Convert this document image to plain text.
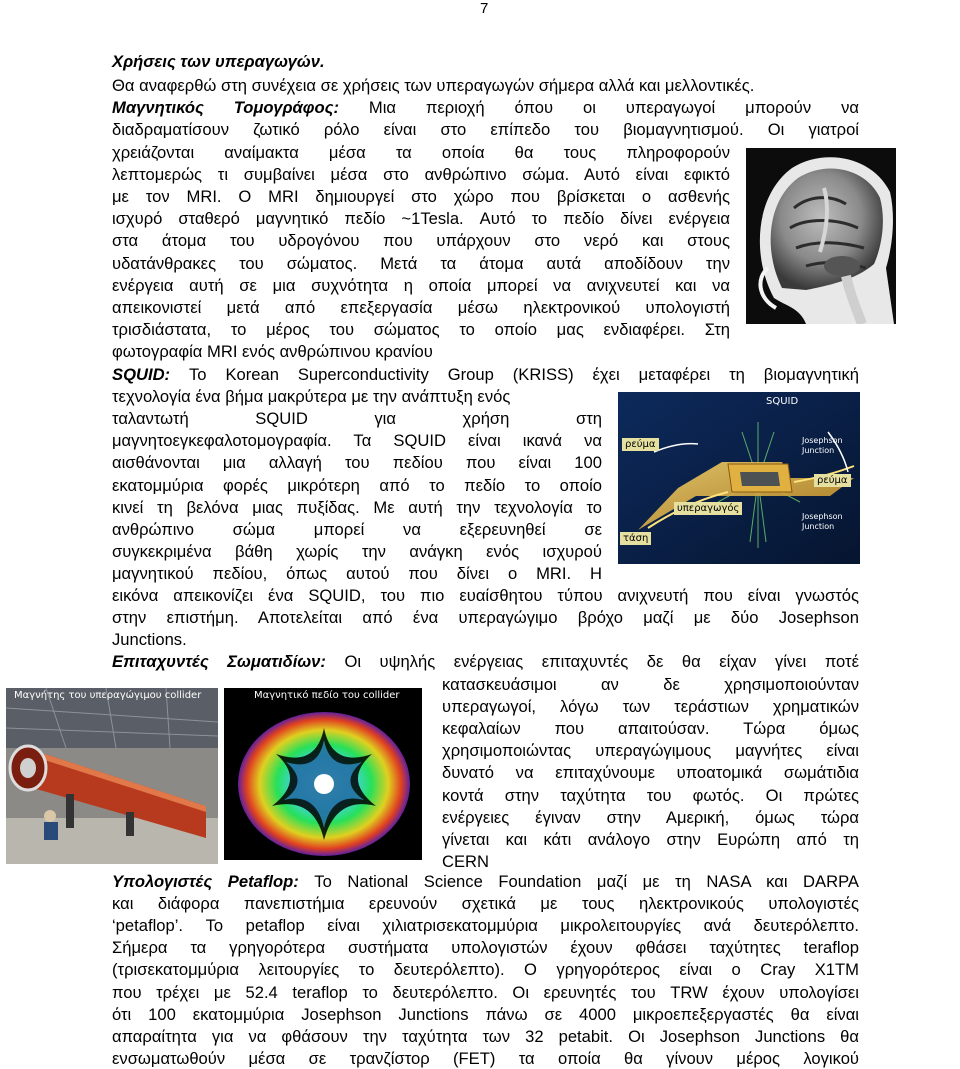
7
Χρήσεις των υπεραγωγών.
Θα αναφερθώ στη συνέχεια σε χρήσεις των υπεραγωγών σήμερα αλλά και μελλοντικές.
Μαγνητικός Τομογράφος: Μια περιοχή όπου οι υπεραγωγοί μπορούν να
διαδραματίσουν ζωτικό ρόλο είναι στο επίπεδο του βιομαγνητισμού. Οι γιατροί
χρειάζονται αναίμακτα μέσα τα οποία θα τους πληροφορούν
λεπτομερώς τι συμβαίνει μέσα στο ανθρώπινο σώμα. Αυτό είναι εφικτό
με τον MRI. Ο MRI δημιουργεί στο χώρο που βρίσκεται ο ασθενής
ισχυρό σταθερό μαγνητικό πεδίο ~1Tesla. Αυτό το πεδίο δίνει ενέργεια
στα άτομα του υδρογόνου που υπάρχουν στο νερό και στους
υδατάνθρακες του σώματος. Μετά τα άτομα αυτά αποδίδουν την
ενέργεια αυτή σε μια συχνότητα η οποία μπορεί να ανιχνευτεί και να
απεικονιστεί μετά από επεξεργασία μέσω ηλεκτρονικού υπολογιστή
τρισδιάστατα, το μέρος του σώματος το οποίο μας ενδιαφέρει. Στη
φωτογραφία MRI ενός ανθρώπινου κρανίου
SQUID: Το Korean Superconductivity Group (KRISS) έχει μεταφέρει τη βιομαγνητική
τεχνολογία ένα βήμα μακρύτερα με την ανάπτυξη ενός
ταλαντωτή SQUID για χρήση στη
μαγνητοεγκεφαλοτομογραφία. Τα SQUID είναι ικανά να
αισθάνονται μια αλλαγή του πεδίου που είναι 100
εκατομμύρια φορές μικρότερη από το πεδίο το οποίο
κινεί τη βελόνα μιας πυξίδας. Με αυτή την τεχνολογία το
ανθρώπινο σώμα μπορεί να εξερευνηθεί σε
συγκεκριμένα βάθη χωρίς την ανάγκη ενός ισχυρού
μαγνητικού πεδίου, όπως αυτού που δίνει ο MRI. Η
εικόνα απεικονίζει ένα SQUID, του πιο ευαίσθητου τύπου ανιχνευτή που είναι γνωστός
στην επιστήμη. Αποτελείται από ένα υπεραγώγιμο βρόχο μαζί με δύο Josephson
Junctions.
SQUID
ρεύμα
ρεύμα
τάση
υπεραγωγός
Josephson Junction
Josephson Junction
Επιταχυντές Σωματιδίων: Οι υψηλής ενέργειας επιταχυντές δε θα είχαν γίνει ποτέ
κατασκευάσιμοι αν δε χρησιμοποιούνταν
υπεραγωγοί, λόγω των τεράστιων χρηματικών
κεφαλαίων που απαιτούσαν. Τώρα όμως
χρησιμοποιώντας υπεραγώγιμους μαγνήτες είναι
δυνατό να επιταχύνουμε υποατομικά σωμάτιδια
κοντά στην ταχύτητα του φωτός. Οι πρώτες
ενέργειες έγιναν στην Αμερική, όμως τώρα
γίνεται και κάτι ανάλογο στην Ευρώπη από τη
CERN
Μαγνήτης του υπεραγώγιμου collider	Μαγνητικό πεδίο του collider
Υπολογιστές Petaflop: Το National Science Foundation μαζί με τη NASA και DARPA
και διάφορα πανεπιστήμια ερευνούν σχετικά με τους ηλεκτρονικούς υπολογιστές
‘petaflop’. Το petaflop είναι χιλιατρισεκατομμύρια μικρολειτουργίες ανά δευτερόλεπτο.
Σήμερα τα γρηγορότερα συστήματα υπολογιστών έχουν φθάσει ταχύτητες teraflop
(τρισεκατομμύρια λειτουργίες το δευτερόλεπτο). Ο γρηγορότερος είναι ο Cray X1TM
που τρέχει με 52.4 teraflop το δευτερόλεπτο. Οι ερευνητές του TRW έχουν υπολογίσει
ότι 100 εκατομμύρια Josephson Junctions πάνω σε 4000 μικροεπεξεργαστές θα είναι
απαραίτητα για να φθάσουν την ταχύτητα των 32 petabit. Οι Josephson Junctions θα
ενσωματωθούν μέσα σε τρανζίστορ (FET) τα οποία θα γίνουν μέρος λογικού
